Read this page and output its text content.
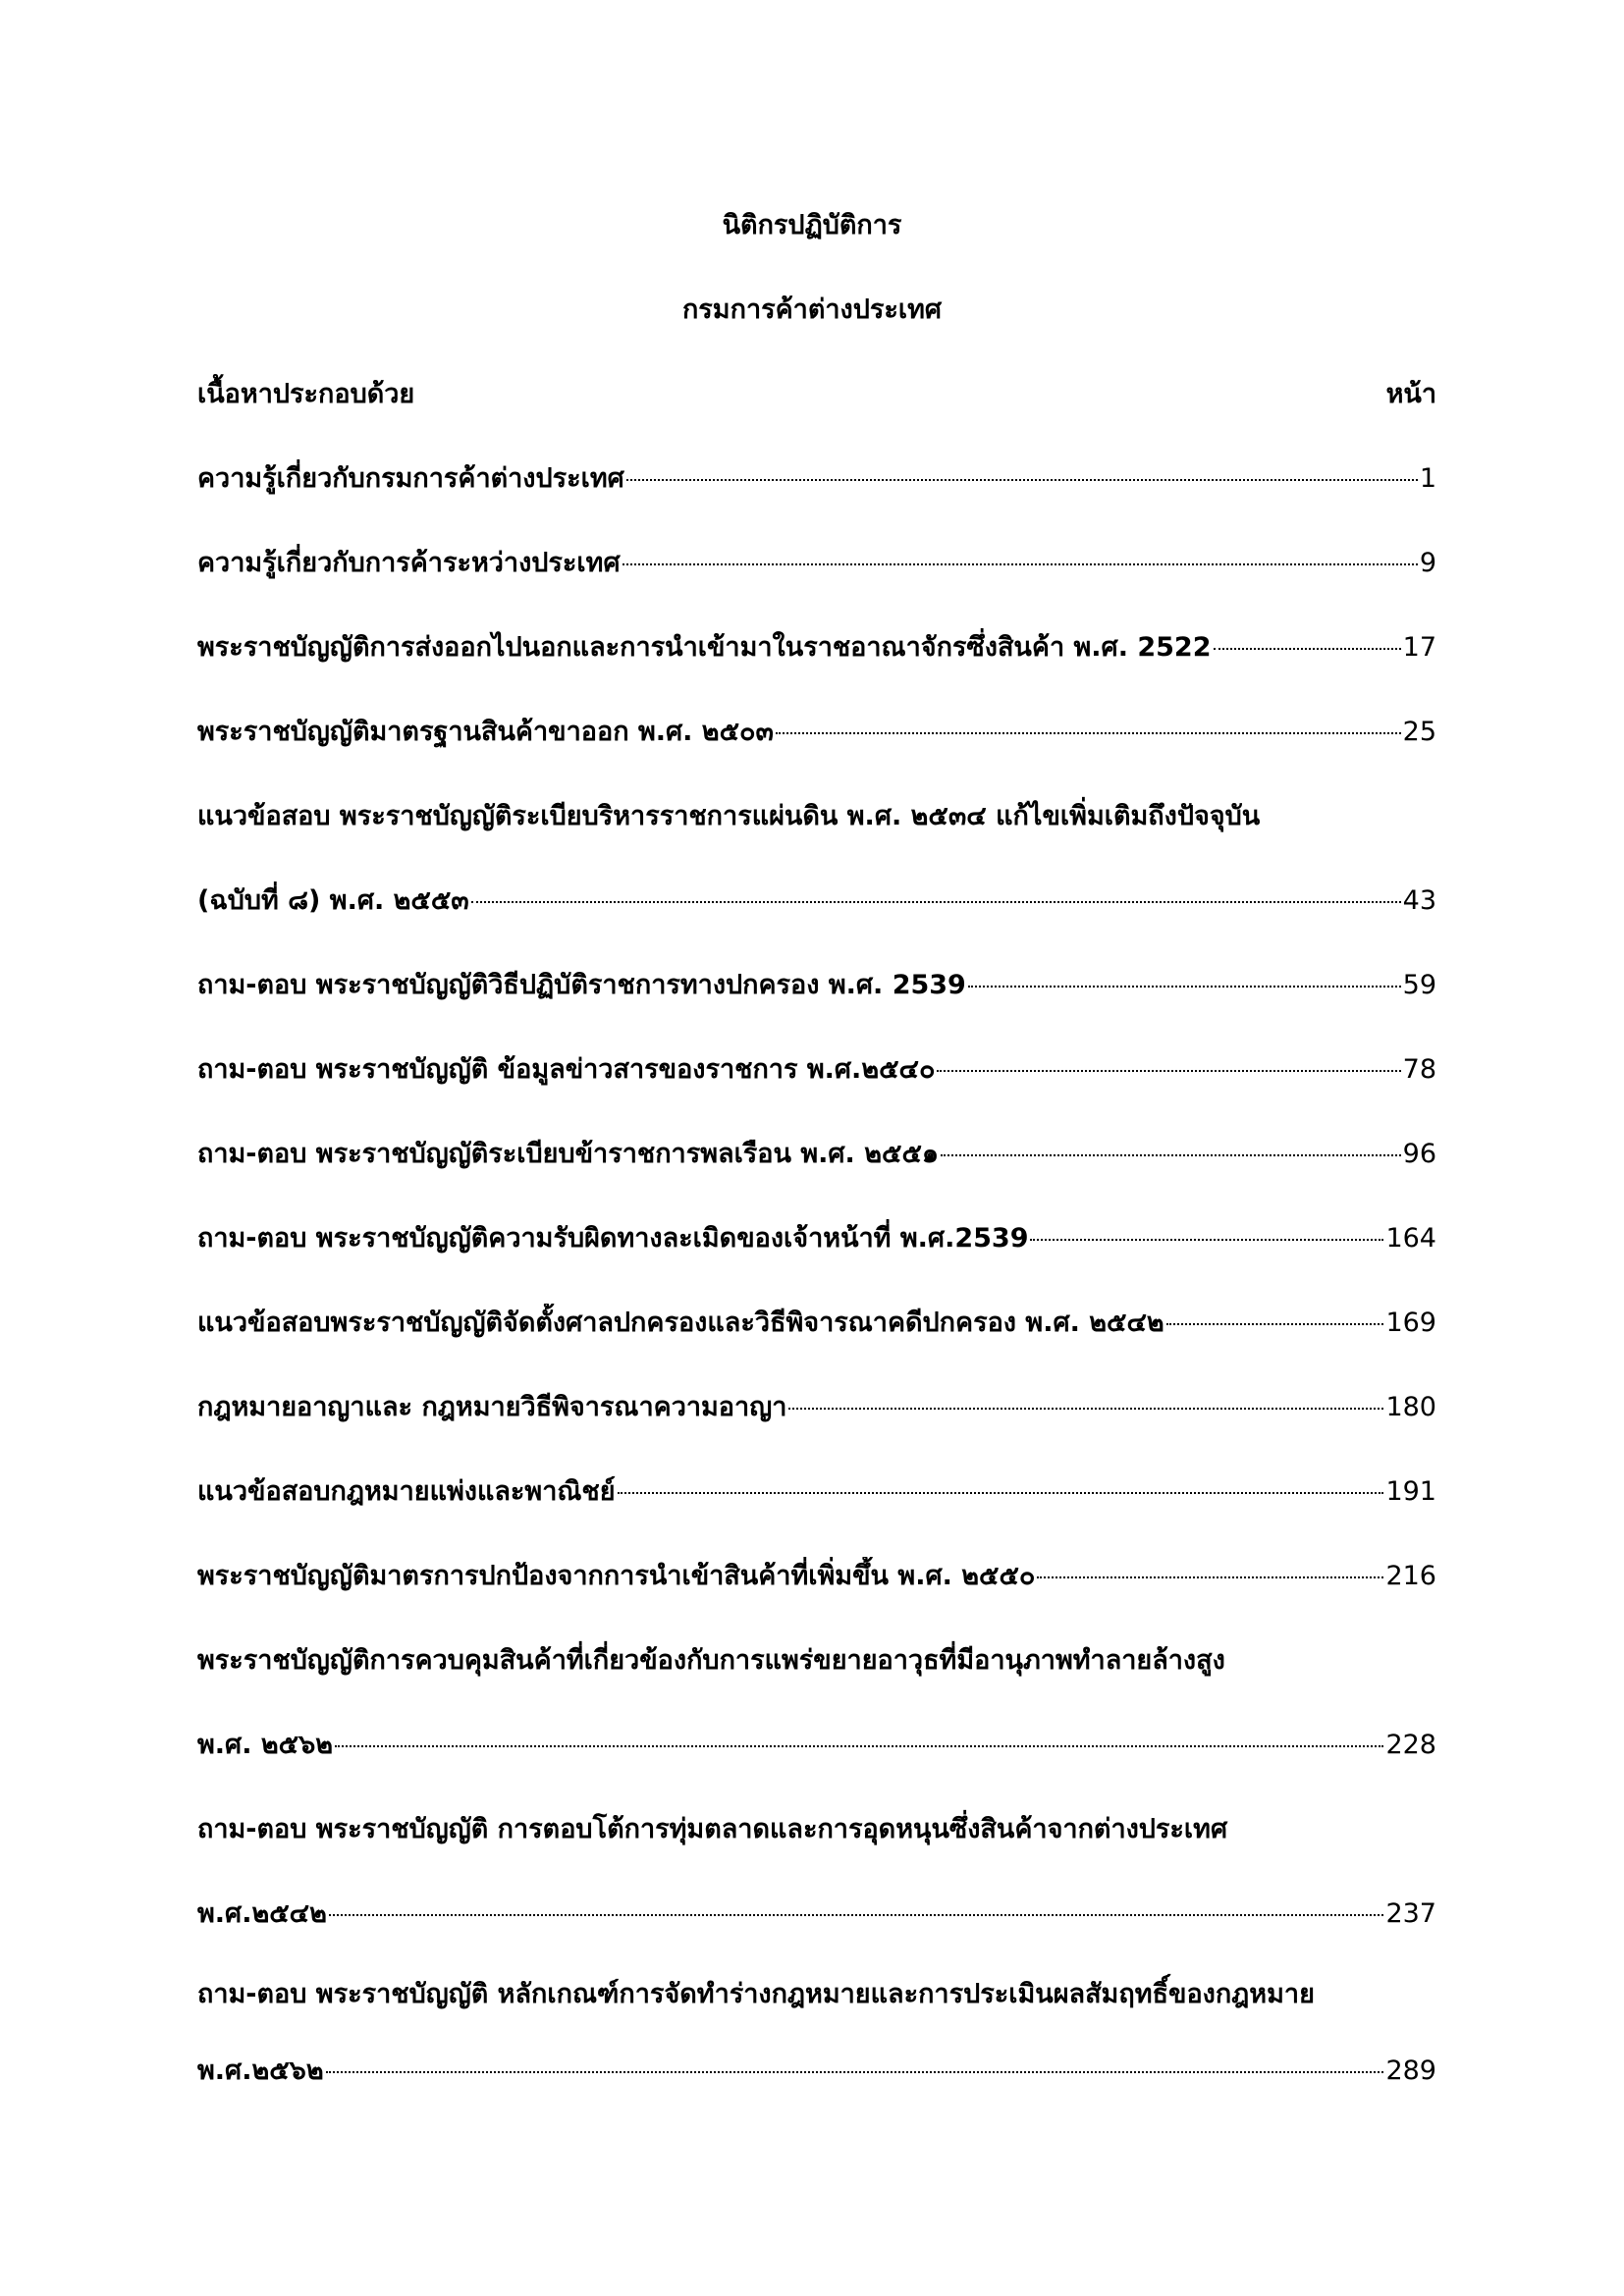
นิติกรปฏิบัติการ
กรมการค้าต่างประเทศ
เนื้อหาประกอบด้วย	หน้า
ความรู้เกี่ยวกับกรมการค้าต่างประเทศ	1
ความรู้เกี่ยวกับการค้าระหว่างประเทศ	9
พระราชบัญญัติการส่งออกไปนอกและการนำเข้ามาในราชอาณาจักรซึ่งสินค้า พ.ศ. 2522	17
พระราชบัญญัติมาตรฐานสินค้าขาออก พ.ศ. ๒๕๐๓	25
แนวข้อสอบ พระราชบัญญัติระเบียบริหารราชการแผ่นดิน พ.ศ. ๒๕๓๔ แก้ไขเพิ่มเติมถึงปัจจุบัน
(ฉบับที่ ๘) พ.ศ. ๒๕๕๓	43
ถาม-ตอบ พระราชบัญญัติวิธีปฏิบัติราชการทางปกครอง พ.ศ. 2539	59
ถาม-ตอบ พระราชบัญญัติ ข้อมูลข่าวสารของราชการ พ.ศ.๒๕๔๐	78
ถาม-ตอบ พระราชบัญญัติระเบียบข้าราชการพลเรือน พ.ศ. ๒๕๕๑	96
ถาม-ตอบ พระราชบัญญัติความรับผิดทางละเมิดของเจ้าหน้าที่ พ.ศ.2539	164
แนวข้อสอบพระราชบัญญัติจัดตั้งศาลปกครองและวิธีพิจารณาคดีปกครอง พ.ศ. ๒๕๔๒	169
กฎหมายอาญาและ กฎหมายวิธีพิจารณาความอาญา	180
แนวข้อสอบกฎหมายแพ่งและพาณิชย์	191
พระราชบัญญัติมาตรการปกป้องจากการนำเข้าสินค้าที่เพิ่มขึ้น พ.ศ. ๒๕๕๐	216
พระราชบัญญัติการควบคุมสินค้าที่เกี่ยวข้องกับการแพร่ขยายอาวุธที่มีอานุภาพทำลายล้างสูง
พ.ศ. ๒๕๖๒	228
ถาม-ตอบ พระราชบัญญัติ การตอบโต้การทุ่มตลาดและการอุดหนุนซึ่งสินค้าจากต่างประเทศ
พ.ศ.๒๕๔๒	237
ถาม-ตอบ พระราชบัญญัติ หลักเกณฑ์การจัดทำร่างกฎหมายและการประเมินผลสัมฤทธิ์ของกฎหมาย
พ.ศ.๒๕๖๒	289
